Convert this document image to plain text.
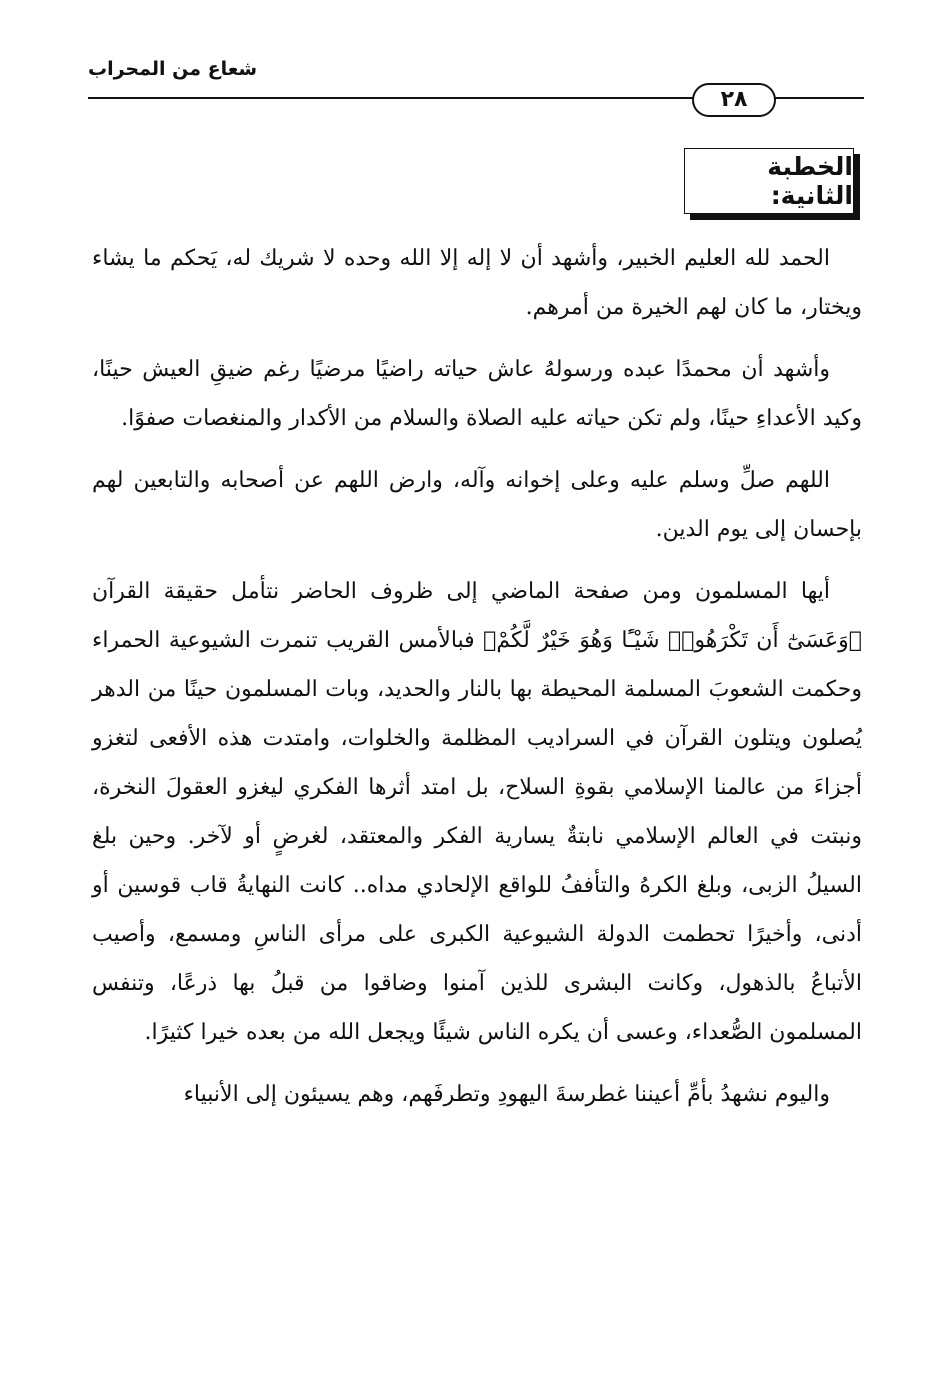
شعاع من المحراب
٢٨
الخطبة الثانية:

الحمد لله العليم الخبير، وأشهد أن لا إله إلا الله وحده لا شريك له، يَحكم ما يشاء ويختار، ما كان لهم الخيرة من أمرهم.

وأشهد أن محمدًا عبده ورسولهُ عاش حياته راضيًا مرضيًا رغم ضيقِ العيش حينًا، وكيد الأعداءِ حينًا، ولم تكن حياته عليه الصلاة والسلام من الأكدار والمنغصات صفوًا.

اللهم صلِّ وسلم عليه وعلى إخوانه وآله، وارض اللهم عن أصحابه والتابعين لهم بإحسان إلى يوم الدين.

أيها المسلمون ومن صفحة الماضي إلى ظروف الحاضر نتأمل حقيقة القرآن ﴿وَعَسَىٰٓ أَن تَكْرَهُوا۟ شَيْـًٔا وَهُوَ خَيْرٌ لَّكُمْ﴾ فبالأمس القريب تنمرت الشيوعية الحمراء وحكمت الشعوبَ المسلمة المحيطة بها بالنار والحديد، وبات المسلمون حينًا من الدهر يُصلون ويتلون القرآن في السراديب المظلمة والخلوات، وامتدت هذه الأفعى لتغزو أجزاءَ من عالمنا الإسلامي بقوةِ السلاح، بل امتد أثرها الفكري ليغزو العقولَ النخرة، ونبتت في العالم الإسلامي نابتةٌ يسارية الفكر والمعتقد، لغرضٍ أو لآخر. وحين بلغ السيلُ الزبى، وبلغ الكرهُ والتأففُ للواقع الإلحادي مداه.. كانت النهايةُ قاب قوسين أو أدنى، وأخيرًا تحطمت الدولة الشيوعية الكبرى على مرأى الناسِ ومسمع، وأصيب الأتباعُ بالذهول، وكانت البشرى للذين آمنوا وضاقوا من قبلُ بها ذرعًا، وتنفس المسلمون الصُّعداء، وعسى أن يكره الناس شيئًا ويجعل الله من بعده خيرا كثيرًا.

واليوم نشهدُ بأمِّ أعيننا غطرسةَ اليهودِ وتطرفَهم، وهم يسيئون إلى الأنبياء
